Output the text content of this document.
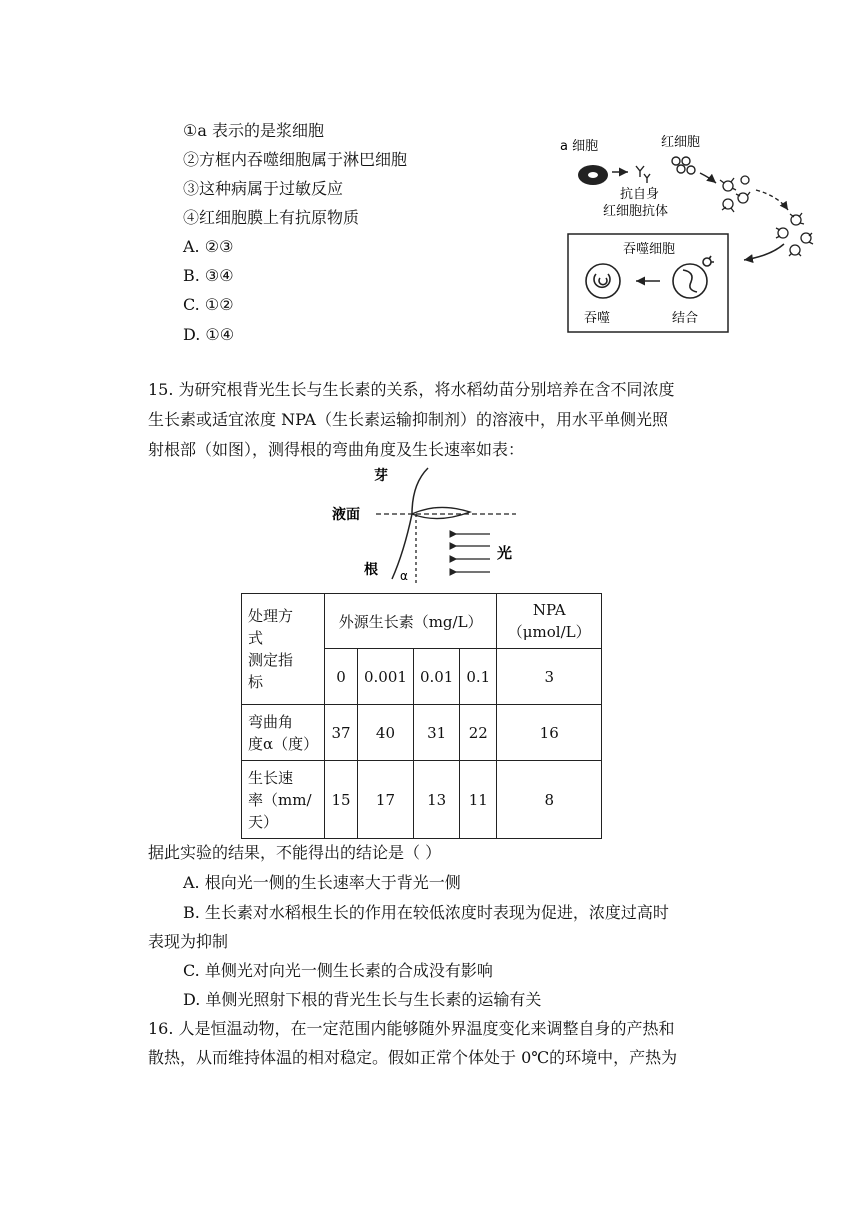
①a 表示的是浆细胞
②方框内吞噬细胞属于淋巴细胞
③这种病属于过敏反应
④红细胞膜上有抗原物质
A. ②③
B. ③④
C. ①②
D. ①④
a 细胞
抗自身
红细胞抗体
红细胞
吞噬细胞
吞噬	结合
15. 为研究根背光生长与生长素的关系，将水稻幼苗分别培养在含不同浓度
生长素或适宜浓度 NPA（生长素运输抑制剂）的溶液中，用水平单侧光照
射根部（如图），测得根的弯曲角度及生长速率如表：
芽
液面
根 α
光
处理方
式
测定指
标	外源生长素（mg/L）				NPA
（μmol/L）

	0	0.001	0.01	0.1	3

弯曲角
度α（度）	37	40	31	22	16

生长速
率（mm/
天）	15	17	13	11	8
据此实验的结果，不能得出的结论是（ ）
A. 根向光一侧的生长速率大于背光一侧
B. 生长素对水稻根生长的作用在较低浓度时表现为促进，浓度过高时
表现为抑制
C. 单侧光对向光一侧生长素的合成没有影响
D. 单侧光照射下根的背光生长与生长素的运输有关
16. 人是恒温动物，在一定范围内能够随外界温度变化来调整自身的产热和
散热，从而维持体温的相对稳定。假如正常个体处于 0℃的环境中，产热为
